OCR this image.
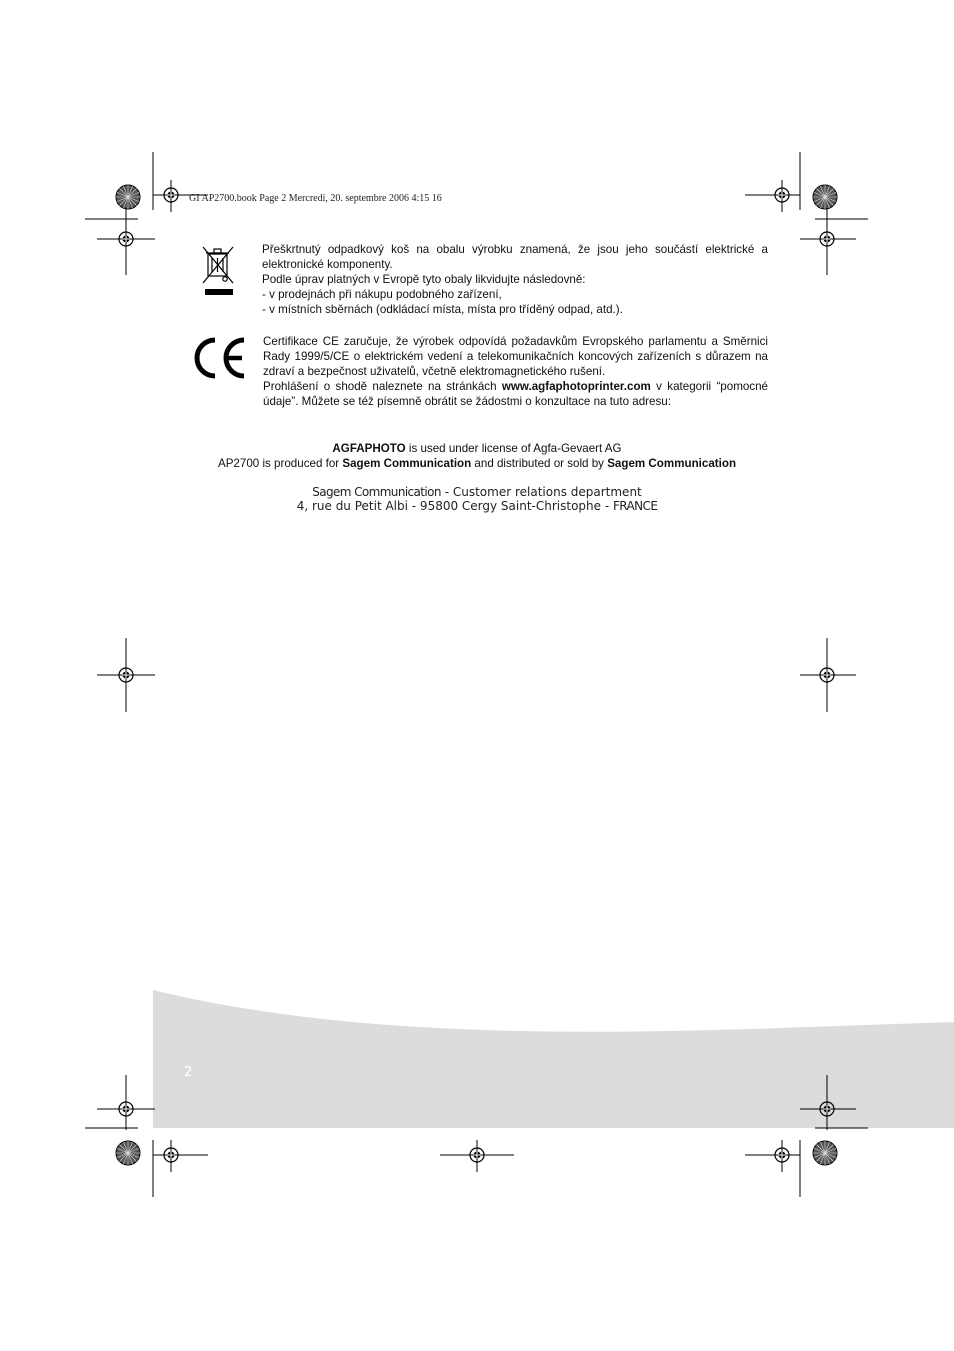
GI AP2700.book Page 2 Mercredi, 20. septembre 2006 4:15 16

Přeškrtnutý odpadkový koš na obalu výrobku znamená, že jsou jeho součástí elektrické a elektronické komponenty.

Podle úprav platných v Evropě tyto obaly likvidujte následovně:

- v prodejnách při nákupu podobného zařízení,

- v místních sběrnách (odkládací místa, místa pro tříděný odpad, atd.).

Certifikace CE zaručuje, že výrobek odpovídá požadavkům Evropského parlamentu a Směrnici Rady 1999/5/CE o elektrickém vedení a telekomunikačních koncových zařízeních s důrazem na zdraví a bezpečnost uživatelů, včetně elektromagnetického rušení.

Prohlášení o shodě naleznete na stránkách www.agfaphotoprinter.com v kategorii “pomocné údaje”. Můžete se též písemně obrátit se žádostmi o konzultace na tuto adresu:

AGFAPHOTO is used under license of Agfa-Gevaert AG

AP2700 is produced for Sagem Communication and distributed or sold by Sagem Communication

Sagem Communication - Customer relations department

4, rue du Petit Albi - 95800 Cergy Saint-Christophe - FRANCE

2
